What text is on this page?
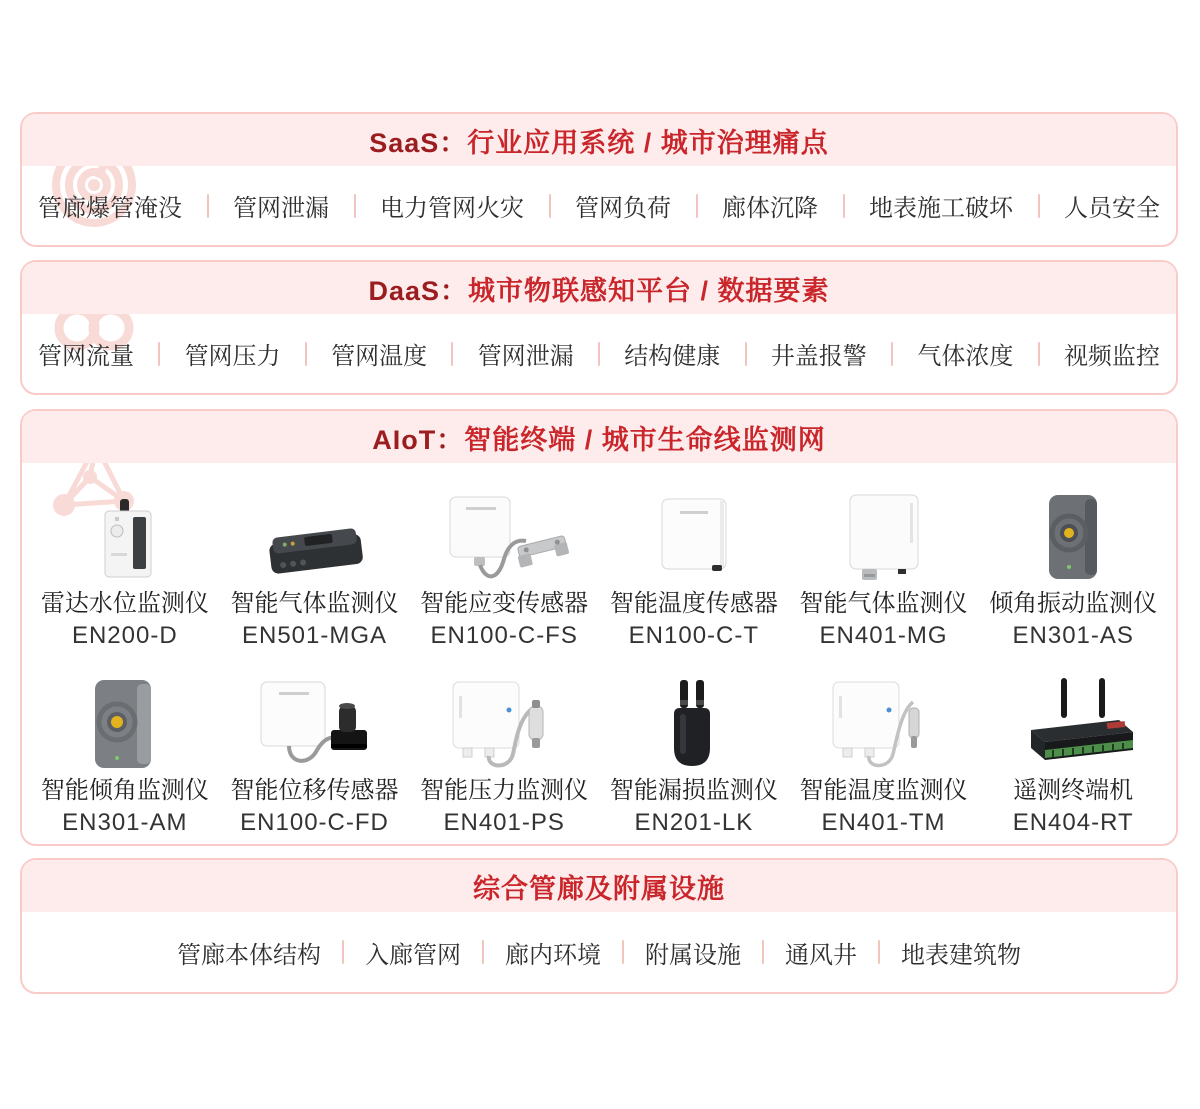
SaaS： 行业应用系统 / 城市治理痛点
管廊爆管淹没 管网泄漏 电力管网火灾 管网负荷 廊体沉降 地表施工破坏 人员安全
DaaS： 城市物联感知平台 / 数据要素
管网流量 管网压力 管网温度 管网泄漏 结构健康 井盖报警 气体浓度 视频监控
AIoT： 智能终端 / 城市生命线监测网
雷达水位监测仪
EN200-D
智能气体监测仪
EN501-MGA
智能应变传感器
EN100-C-FS
智能温度传感器
EN100-C-T
智能气体监测仪
EN401-MG
倾角振动监测仪
EN301-AS
智能倾角监测仪
EN301-AM
智能位移传感器
EN100-C-FD
智能压力监测仪
EN401-PS
智能漏损监测仪
EN201-LK
智能温度监测仪
EN401-TM
遥测终端机
EN404-RT
综合管廊及附属设施
管廊本体结构 入廊管网 廊内环境 附属设施 通风井 地表建筑物
